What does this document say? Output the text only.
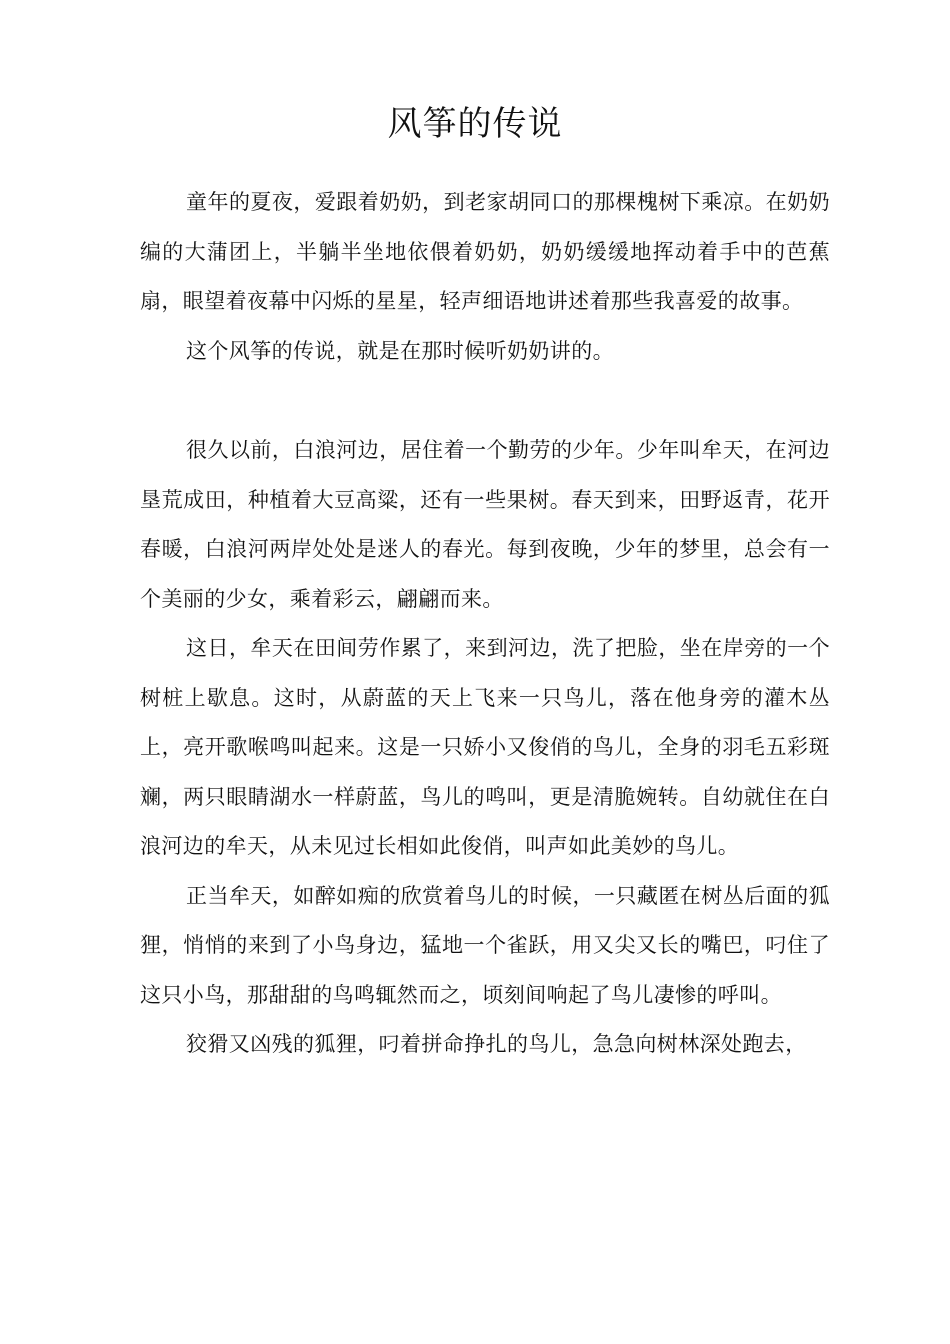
风筝的传说

童年的夏夜，爱跟着奶奶，到老家胡同口的那棵槐树下乘凉。在奶奶编的大蒲团上，半躺半坐地依偎着奶奶，奶奶缓缓地挥动着手中的芭蕉扇，眼望着夜幕中闪烁的星星，轻声细语地讲述着那些我喜爱的故事。

这个风筝的传说，就是在那时候听奶奶讲的。

很久以前，白浪河边，居住着一个勤劳的少年。少年叫牟天，在河边垦荒成田，种植着大豆高粱，还有一些果树。春天到来，田野返青，花开春暖，白浪河两岸处处是迷人的春光。每到夜晚，少年的梦里，总会有一个美丽的少女，乘着彩云，翩翩而来。

这日，牟天在田间劳作累了，来到河边，洗了把脸，坐在岸旁的一个树桩上歇息。这时，从蔚蓝的天上飞来一只鸟儿，落在他身旁的灌木丛上，亮开歌喉鸣叫起来。这是一只娇小又俊俏的鸟儿，全身的羽毛五彩斑斓，两只眼睛湖水一样蔚蓝，鸟儿的鸣叫，更是清脆婉转。自幼就住在白浪河边的牟天，从未见过长相如此俊俏，叫声如此美妙的鸟儿。

正当牟天，如醉如痴的欣赏着鸟儿的时候，一只藏匿在树丛后面的狐狸，悄悄的来到了小鸟身边，猛地一个雀跃，用又尖又长的嘴巴，叼住了这只小鸟，那甜甜的鸟鸣辄然而之，顷刻间响起了鸟儿凄惨的呼叫。

狡猾又凶残的狐狸，叼着拼命挣扎的鸟儿，急急向树林深处跑去，
